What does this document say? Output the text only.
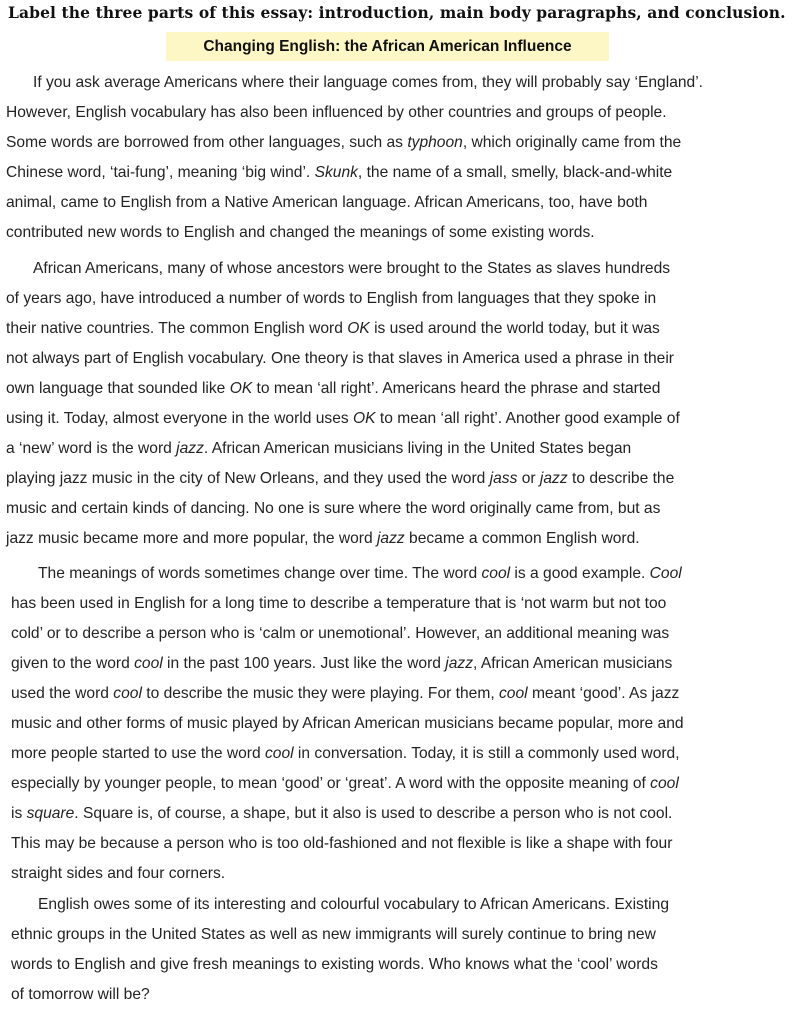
Label the three parts of this essay: introduction, main body paragraphs, and conclusion.
Changing English: the African American Influence
If you ask average Americans where their language comes from, they will probably say ‘England’.
However, English vocabulary has also been influenced by other countries and groups of people.
Some words are borrowed from other languages, such as typhoon, which originally came from the
Chinese word, ‘tai-fung’, meaning ‘big wind’. Skunk, the name of a small, smelly, black-and-white
animal, came to English from a Native American language. African Americans, too, have both
contributed new words to English and changed the meanings of some existing words.
African Americans, many of whose ancestors were brought to the States as slaves hundreds
of years ago, have introduced a number of words to English from languages that they spoke in
their native countries. The common English word OK is used around the world today, but it was
not always part of English vocabulary. One theory is that slaves in America used a phrase in their
own language that sounded like OK to mean ‘all right’. Americans heard the phrase and started
using it. Today, almost everyone in the world uses OK to mean ‘all right’. Another good example of
a ‘new’ word is the word jazz. African American musicians living in the United States began
playing jazz music in the city of New Orleans, and they used the word jass or jazz to describe the
music and certain kinds of dancing. No one is sure where the word originally came from, but as
jazz music became more and more popular, the word jazz became a common English word.
The meanings of words sometimes change over time. The word cool is a good example. Cool
has been used in English for a long time to describe a temperature that is ‘not warm but not too
cold’ or to describe a person who is ‘calm or unemotional’. However, an additional meaning was
given to the word cool in the past 100 years. Just like the word jazz, African American musicians
used the word cool to describe the music they were playing. For them, cool meant ‘good’. As jazz
music and other forms of music played by African American musicians became popular, more and
more people started to use the word cool in conversation. Today, it is still a commonly used word,
especially by younger people, to mean ‘good’ or ‘great’. A word with the opposite meaning of cool
is square. Square is, of course, a shape, but it also is used to describe a person who is not cool.
This may be because a person who is too old-fashioned and not flexible is like a shape with four
straight sides and four corners.
English owes some of its interesting and colourful vocabulary to African Americans. Existing
ethnic groups in the United States as well as new immigrants will surely continue to bring new
words to English and give fresh meanings to existing words. Who knows what the ‘cool’ words
of tomorrow will be?
